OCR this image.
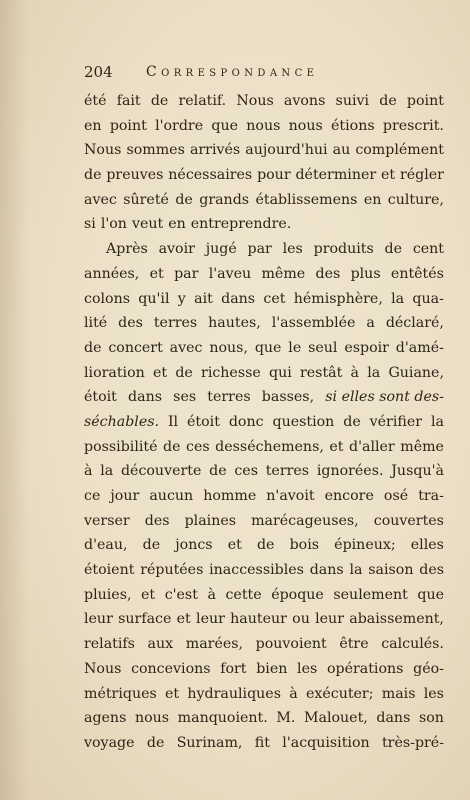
204 Correspondance
été fait de relatif. Nous avons suivi de point
en point l'ordre que nous nous étions prescrit.
Nous sommes arrivés aujourd'hui au complément
de preuves nécessaires pour déterminer et régler
avec sûreté de grands établissemens en culture,
si l'on veut en entreprendre.
Après avoir jugé par les produits de cent
années, et par l'aveu même des plus entêtés
colons qu'il y ait dans cet hémisphère, la qua-
lité des terres hautes, l'assemblée a déclaré,
de concert avec nous, que le seul espoir d'amé-
lioration et de richesse qui restât à la Guiane,
étoit dans ses terres basses, si elles sont des-
séchables. Il étoit donc question de vérifier la
possibilité de ces desséchemens, et d'aller même
à la découverte de ces terres ignorées. Jusqu'à
ce jour aucun homme n'avoit encore osé tra-
verser des plaines marécageuses, couvertes
d'eau, de joncs et de bois épineux; elles
étoient réputées inaccessibles dans la saison des
pluies, et c'est à cette époque seulement que
leur surface et leur hauteur ou leur abaissement,
relatifs aux marées, pouvoient être calculés.
Nous concevions fort bien les opérations géo-
métriques et hydrauliques à exécuter; mais les
agens nous manquoient. M. Malouet, dans son
voyage de Surinam, fit l'acquisition très-pré-
